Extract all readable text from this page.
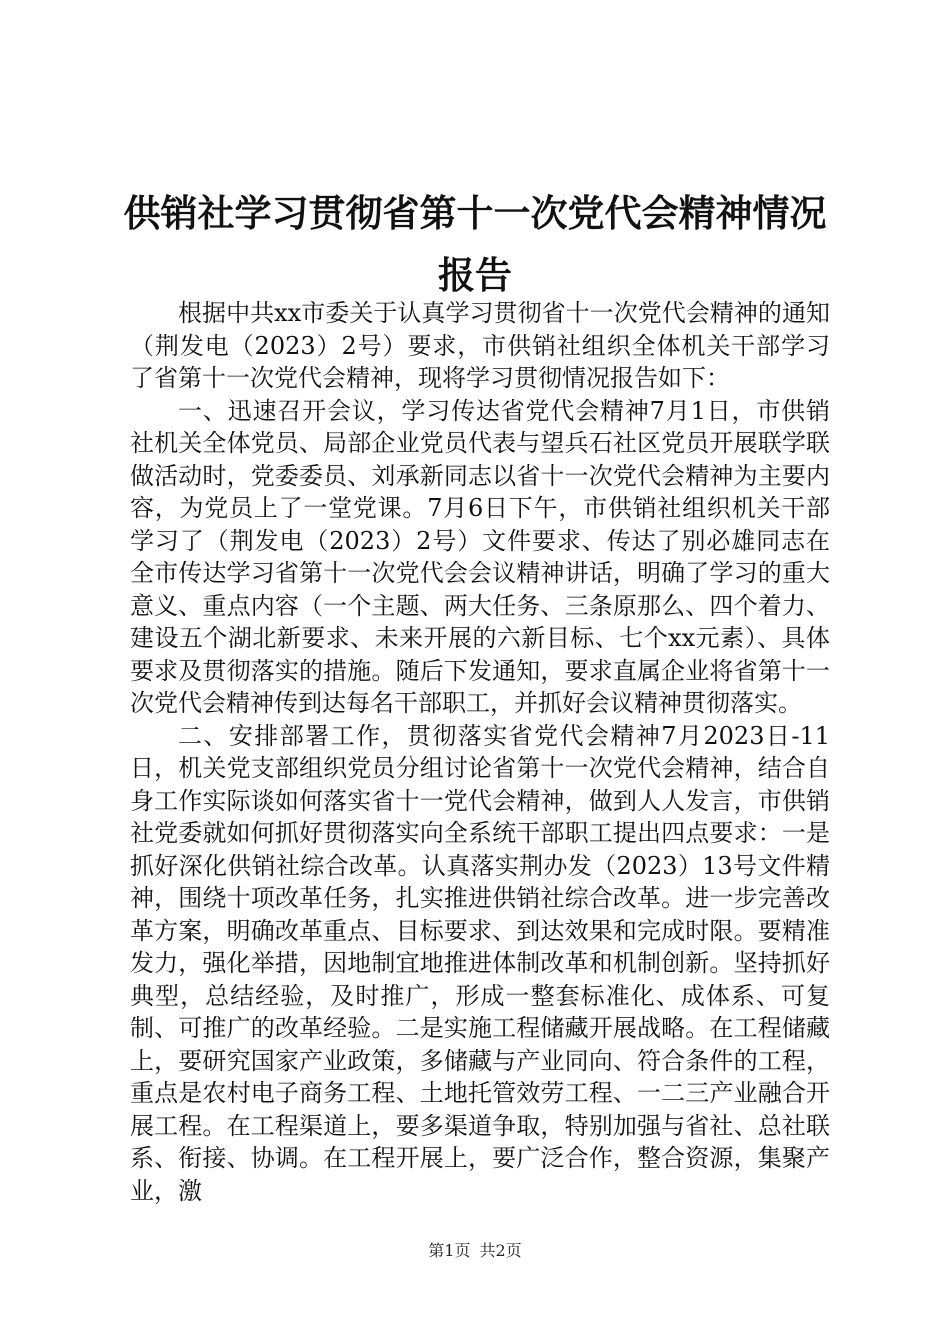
供销社学习贯彻省第十一次党代会精神情况报告

根据中共xx市委关于认真学习贯彻省十一次党代会精神的通知（荆发电（2023）2号）要求，市供销社组织全体机关干部学习了省第十一次党代会精神，现将学习贯彻情况报告如下：

一、迅速召开会议，学习传达省党代会精神7月1日，市供销社机关全体党员、局部企业党员代表与望兵石社区党员开展联学联做活动时，党委委员、刘承新同志以省十一次党代会精神为主要内容，为党员上了一堂党课。7月6日下午，市供销社组织机关干部学习了（荆发电（2023）2号）文件要求、传达了别必雄同志在全市传达学习省第十一次党代会会议精神讲话，明确了学习的重大意义、重点内容（一个主题、两大任务、三条原那么、四个着力、建设五个湖北新要求、未来开展的六新目标、七个xx元素）、具体要求及贯彻落实的措施。随后下发通知，要求直属企业将省第十一次党代会精神传到达每名干部职工，并抓好会议精神贯彻落实。

二、安排部署工作，贯彻落实省党代会精神7月2023日-11日，机关党支部组织党员分组讨论省第十一次党代会精神，结合自身工作实际谈如何落实省十一党代会精神，做到人人发言，市供销社党委就如何抓好贯彻落实向全系统干部职工提出四点要求：一是抓好深化供销社综合改革。认真落实荆办发（2023）13号文件精神，围绕十项改革任务，扎实推进供销社综合改革。进一步完善改革方案，明确改革重点、目标要求、到达效果和完成时限。要精准发力，强化举措，因地制宜地推进体制改革和机制创新。坚持抓好典型，总结经验，及时推广，形成一整套标准化、成体系、可复制、可推广的改革经验。二是实施工程储藏开展战略。在工程储藏上，要研究国家产业政策，多储藏与产业同向、符合条件的工程，重点是农村电子商务工程、土地托管效劳工程、一二三产业融合开展工程。在工程渠道上，要多渠道争取，特别加强与省社、总社联系、衔接、协调。在工程开展上，要广泛合作，整合资源，集聚产业，激

第1页 共2页
